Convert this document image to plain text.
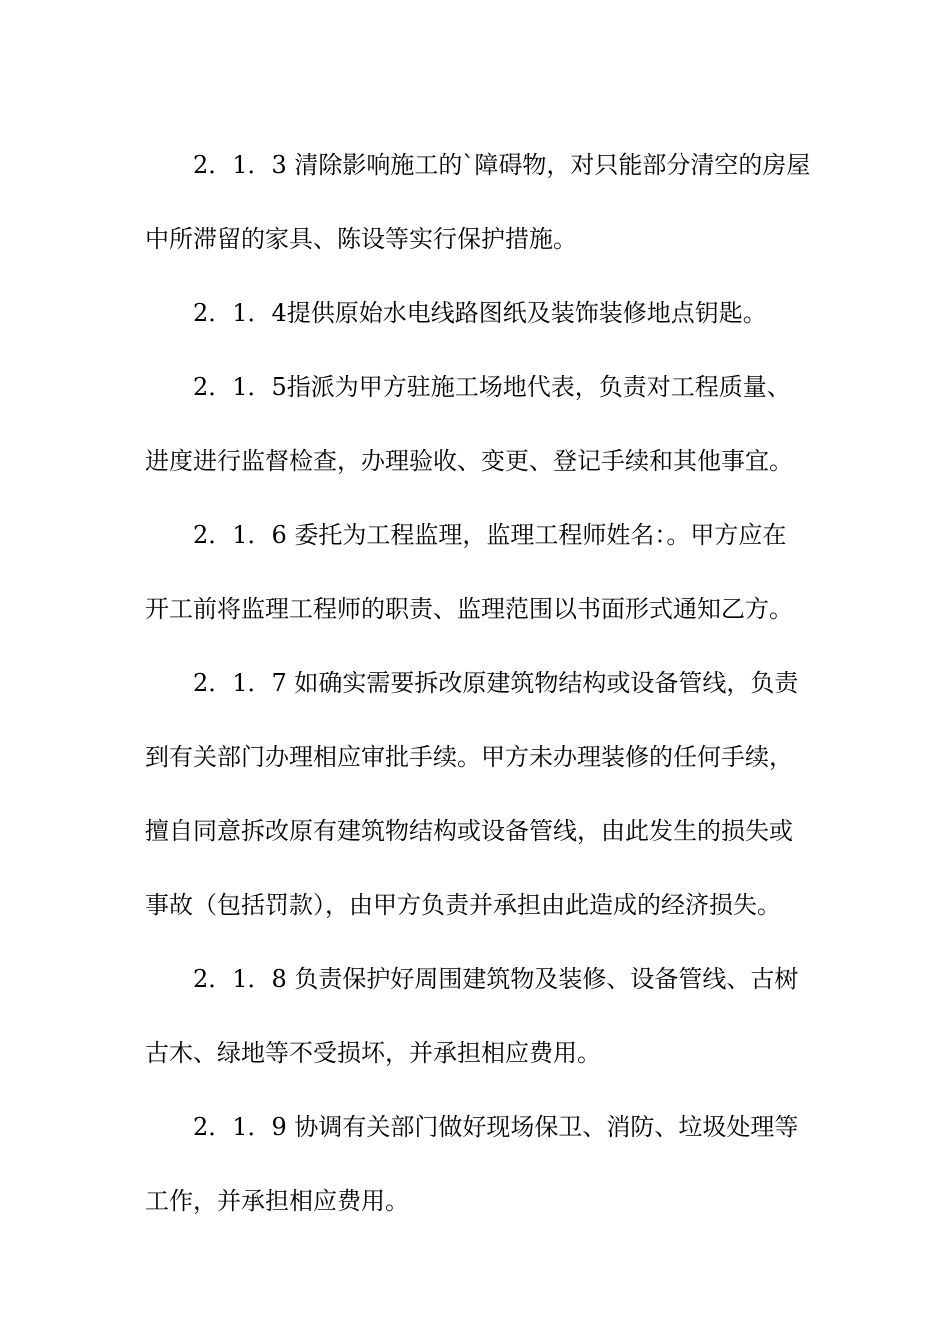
2．1．3 清除影响施工的`障碍物，对只能部分清空的房屋
中所滞留的家具、陈设等实行保护措施。
2．1．4提供原始水电线路图纸及装饰装修地点钥匙。
2．1．5指派为甲方驻施工场地代表，负责对工程质量、
进度进行监督检查，办理验收、变更、登记手续和其他事宜。
2．1．6 委托为工程监理，监理工程师姓名：。甲方应在
开工前将监理工程师的职责、监理范围以书面形式通知乙方。
2．1．7 如确实需要拆改原建筑物结构或设备管线，负责
到有关部门办理相应审批手续。甲方未办理装修的任何手续，
擅自同意拆改原有建筑物结构或设备管线，由此发生的损失或
事故（包括罚款），由甲方负责并承担由此造成的经济损失。
2．1．8 负责保护好周围建筑物及装修、设备管线、古树
古木、绿地等不受损坏，并承担相应费用。
2．1．9 协调有关部门做好现场保卫、消防、垃圾处理等
工作，并承担相应费用。
